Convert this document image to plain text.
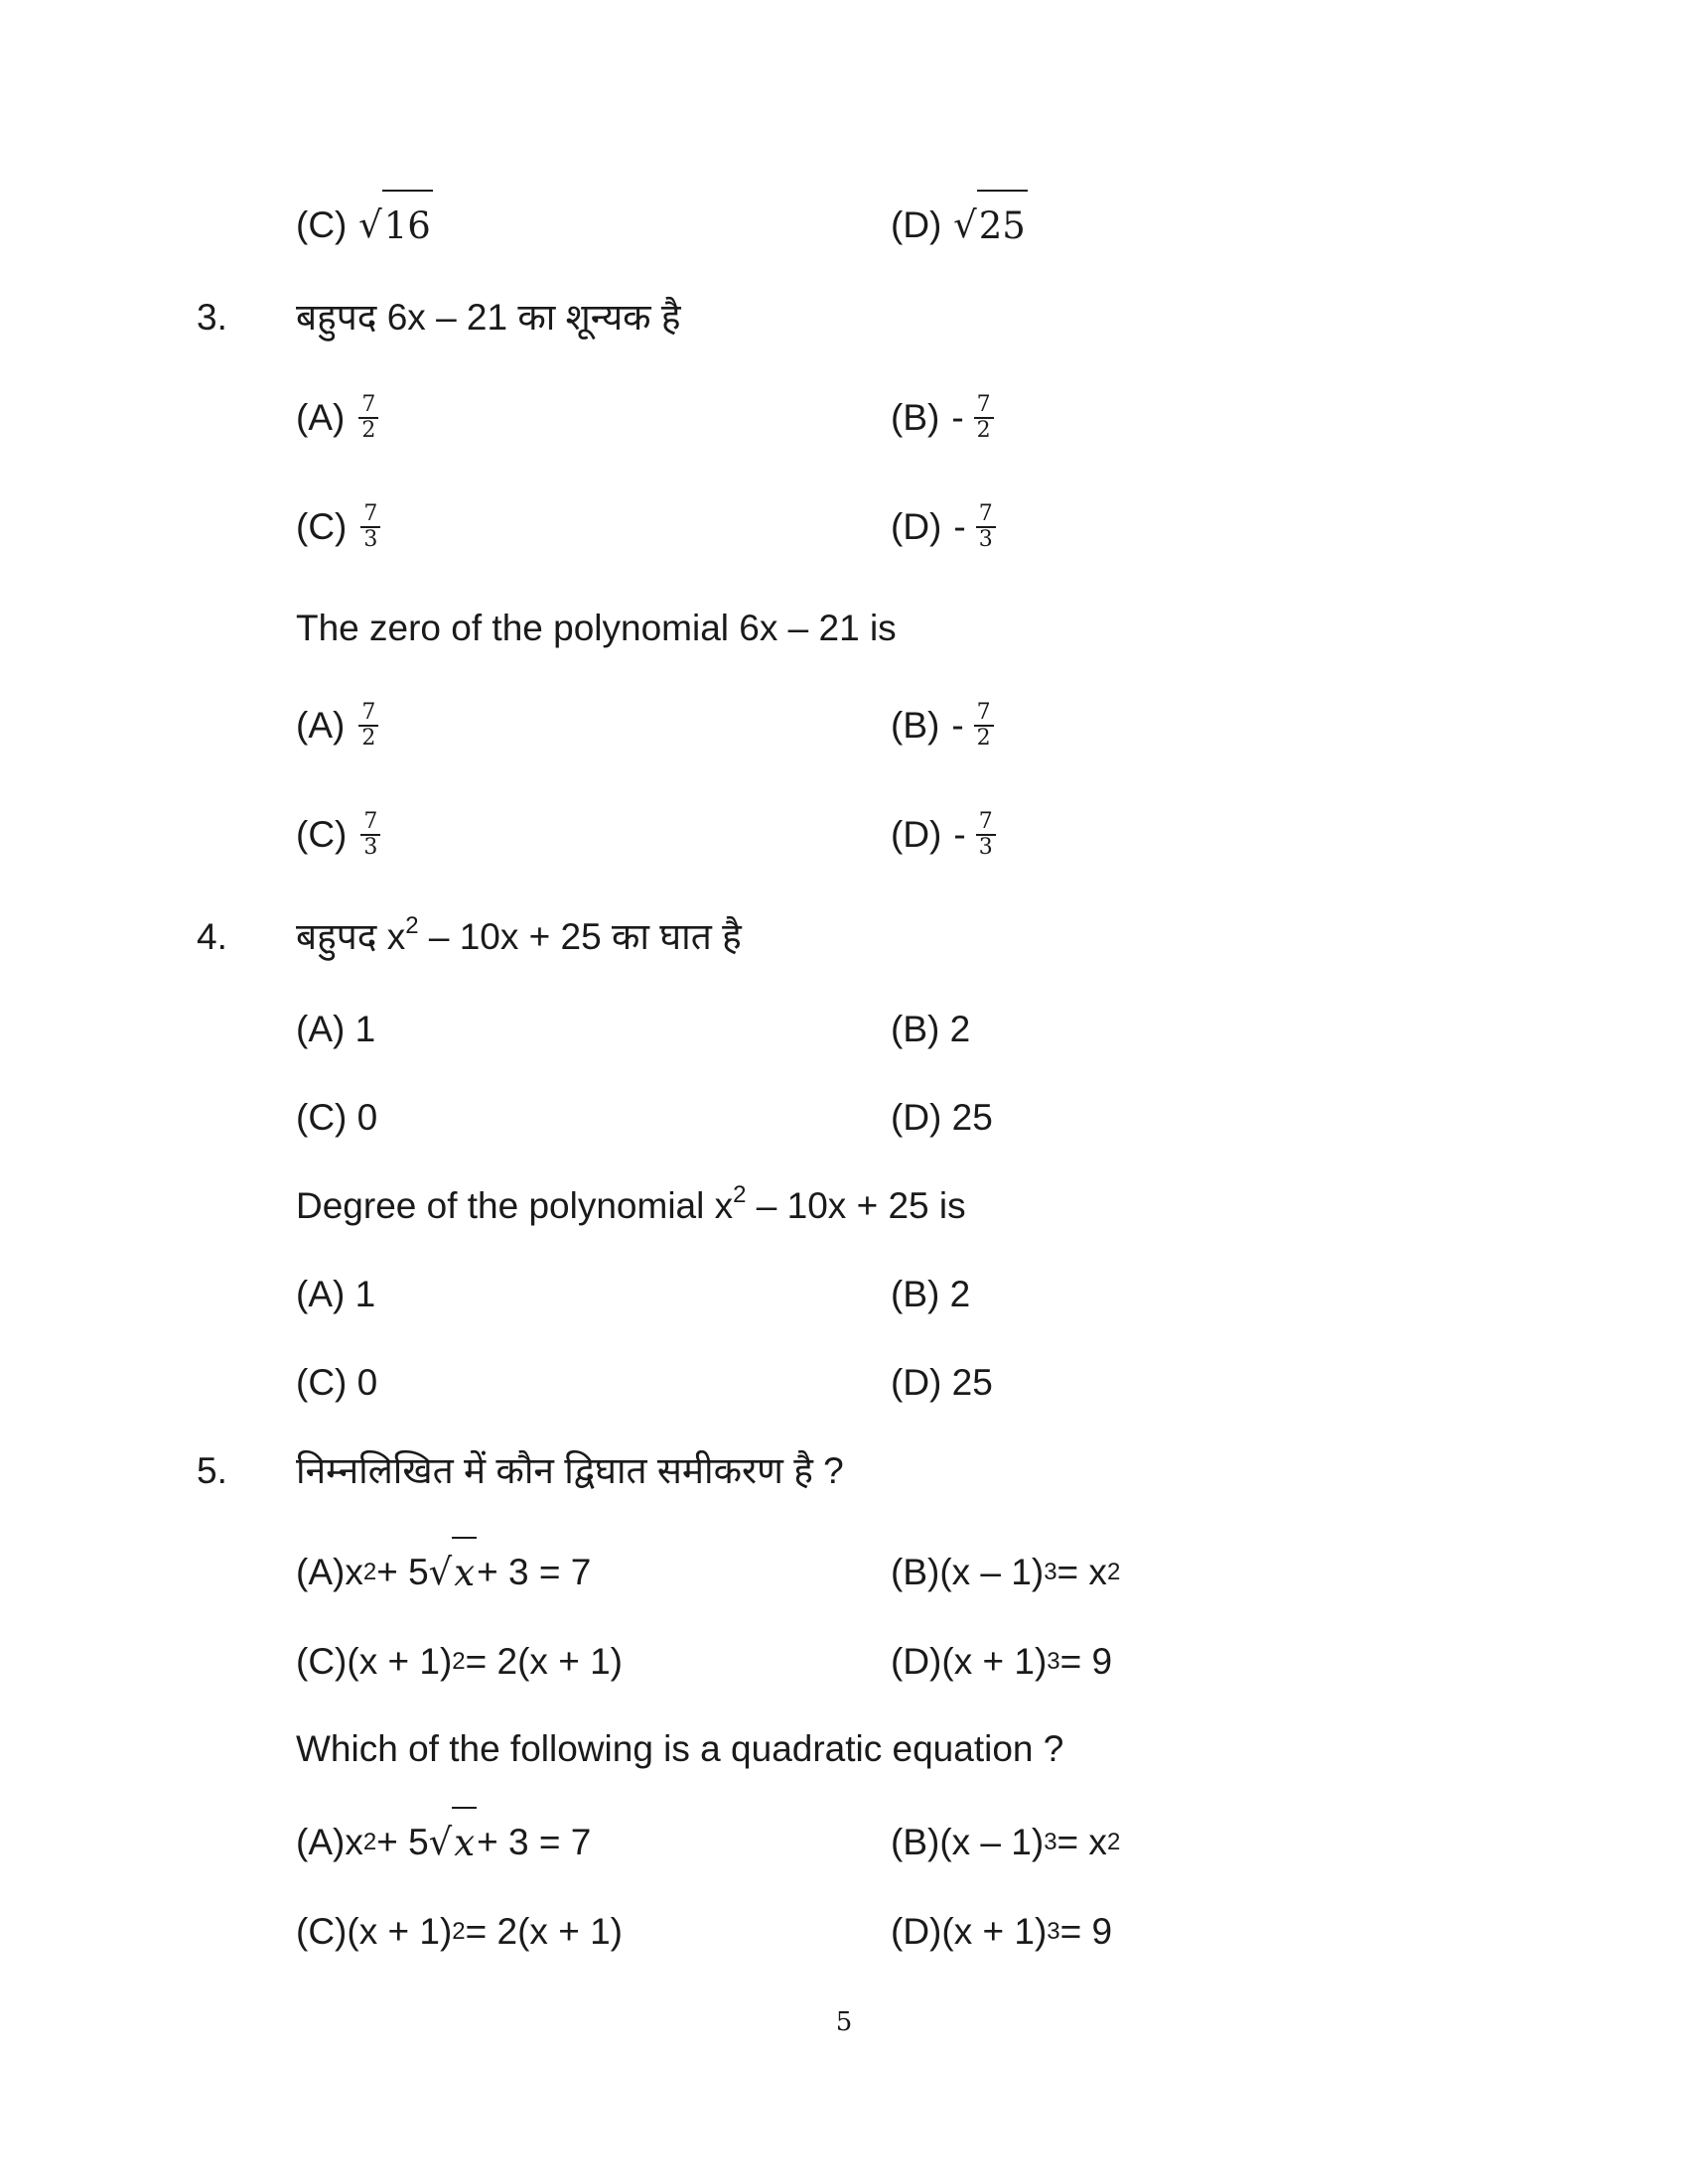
(C) √ 16	(D) √ 25
3. बहुपद 6x – 21 का शून्यक है
$(A) \frac{7}{2}$	$(B) - \frac{7}{2}$
$(C) \frac{7}{3}$	$(D) - \frac{7}{3}$
The zero of the polynomial 6x – 21 is
$(A) \frac{7}{2}$	$(B) - \frac{7}{2}$
$(C) \frac{7}{3}$	$(D) - \frac{7}{3}$
4. बहुपद $x^2 - 10x + 25$ का घात है
(A) 1	(B) 2
(C) 0	(D) 25
Degree of the polynomial $x^2 - 10x + 25$ is
(A) 1	(B) 2
(C) 0	(D) 25
5. निम्नलिखित में कौन द्विघात समीकरण है ?
(A) x 2 + 5 √ x + 3 = 7	(B) (x – 1) 3 = x 2
(C) (x + 1) 2 = 2(x + 1)	(D) (x + 1) 3 = 9
Which of the following is a quadratic equation ?
(A) x 2 + 5 √ x + 3 = 7	(B) (x – 1) 3 = x 2
(C) (x + 1) 2 = 2(x + 1)	(D) (x + 1) 3 = 9
5
